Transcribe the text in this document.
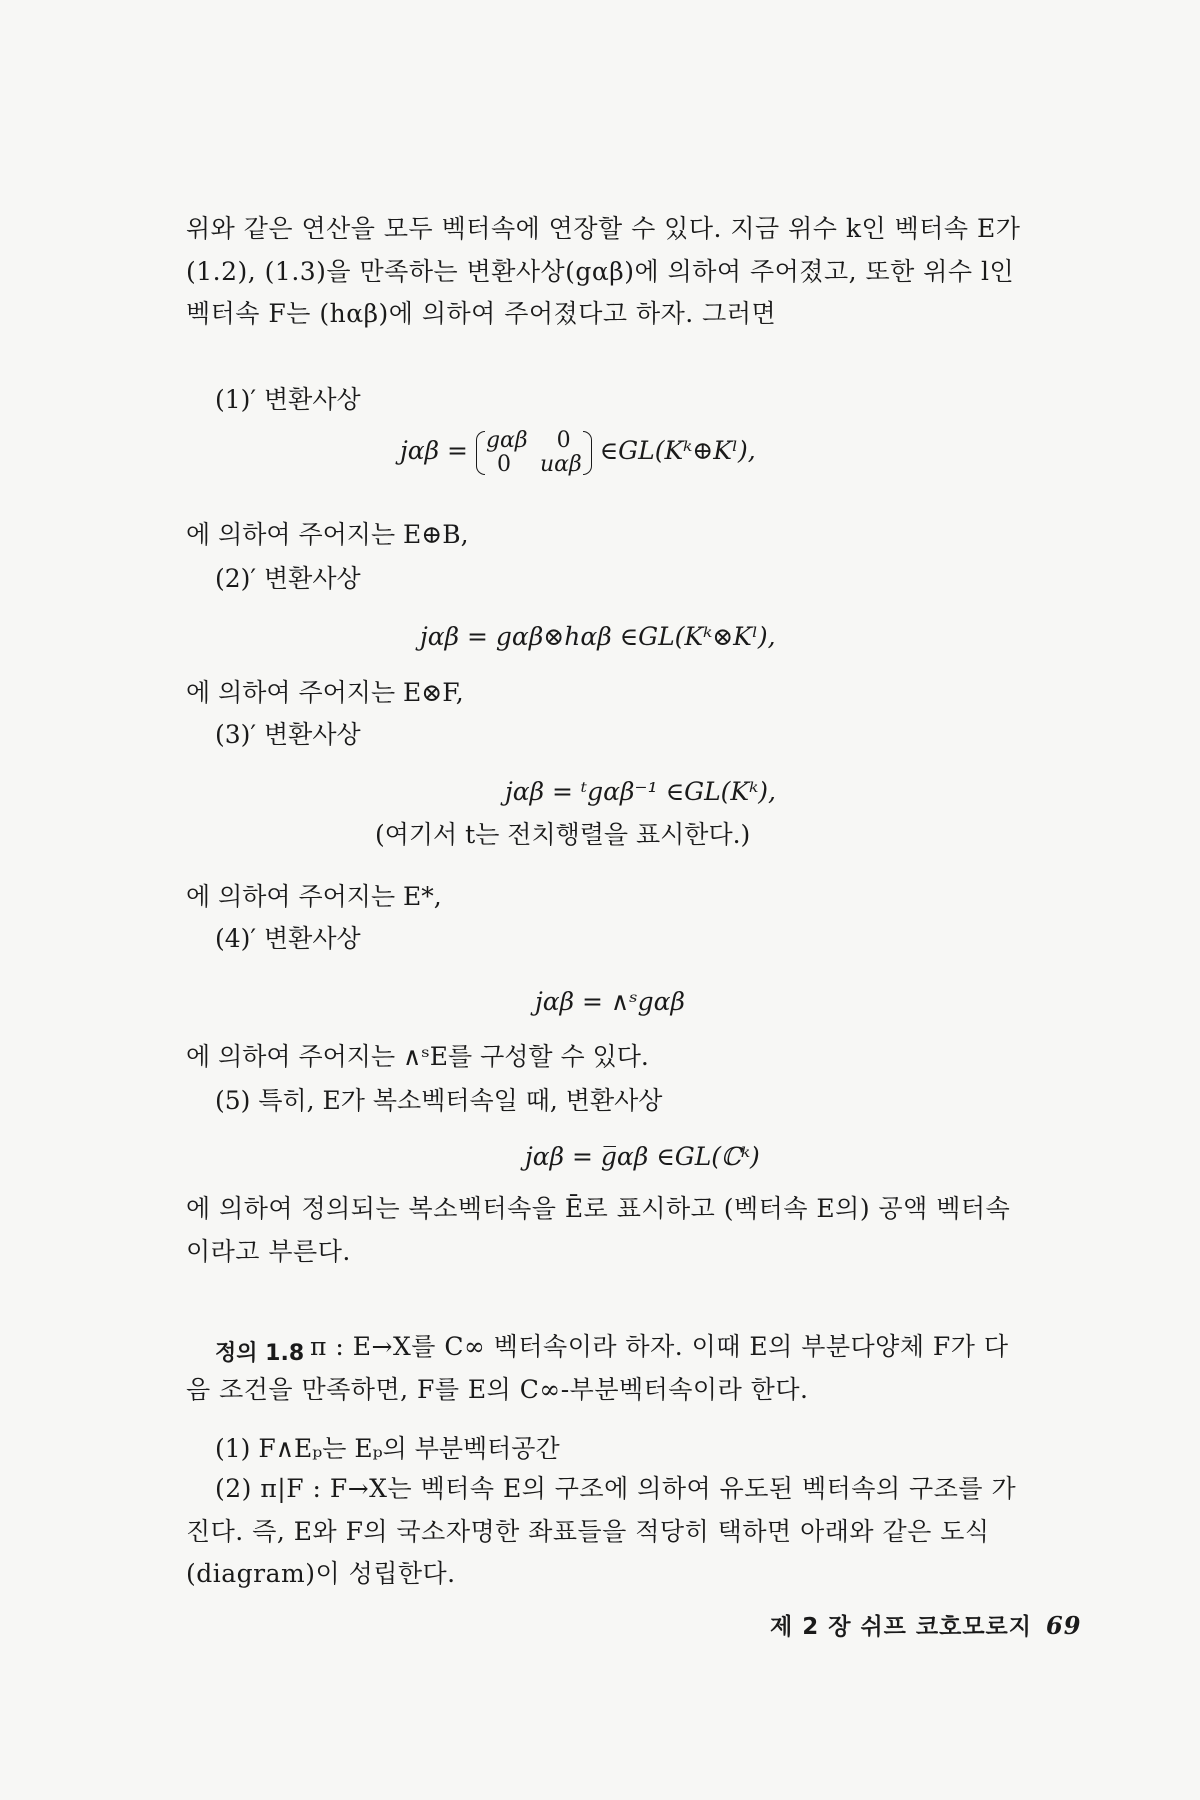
위와 같은 연산을 모두 벡터속에 연장할 수 있다. 지금 위수 k인 벡터속 E가 (1.2), (1.3)을 만족하는 변환사상(gαβ)에 의하여 주어졌고, 또한 위수 l인 벡터속 F는 (hαβ)에 의하여 주어졌다고 하자. 그러면

(1)′ 변환사상
jαβ = gαβ	0
0	uαβ ∈GL(Kᵏ⊕Kˡ),
에 의하여 주어지는 E⊕B,
(2)′ 변환사상
jαβ = gαβ⊗hαβ ∈GL(Kᵏ⊗Kˡ),
에 의하여 주어지는 E⊗F,
(3)′ 변환사상
jαβ = ᵗgαβ⁻¹ ∈GL(Kᵏ),
(여기서 t는 전치행렬을 표시한다.)
에 의하여 주어지는 E*,
(4)′ 변환사상
jαβ = ∧ˢgαβ
에 의하여 주어지는 ∧ˢE를 구성할 수 있다.
(5) 특히, E가 복소벡터속일 때, 변환사상
jαβ = g̅αβ ∈GL(ℂᵏ)

에 의하여 정의되는 복소벡터속을 Ē로 표시하고 (벡터속 E의) 공액 벡터속이라고 부른다.

정의 1.8 π : E→X를 C∞ 벡터속이라 하자. 이때 E의 부분다양체 F가 다음 조건을 만족하면, F를 E의 C∞-부분벡터속이라 한다.

(1) F∧Eₚ는 Eₚ의 부분벡터공간

(2) π|F : F→X는 벡터속 E의 구조에 의하여 유도된 벡터속의 구조를 가진다. 즉, E와 F의 국소자명한 좌표들을 적당히 택하면 아래와 같은 도식(diagram)이 성립한다.

제 2 장 쉬프 코호모로지 69
